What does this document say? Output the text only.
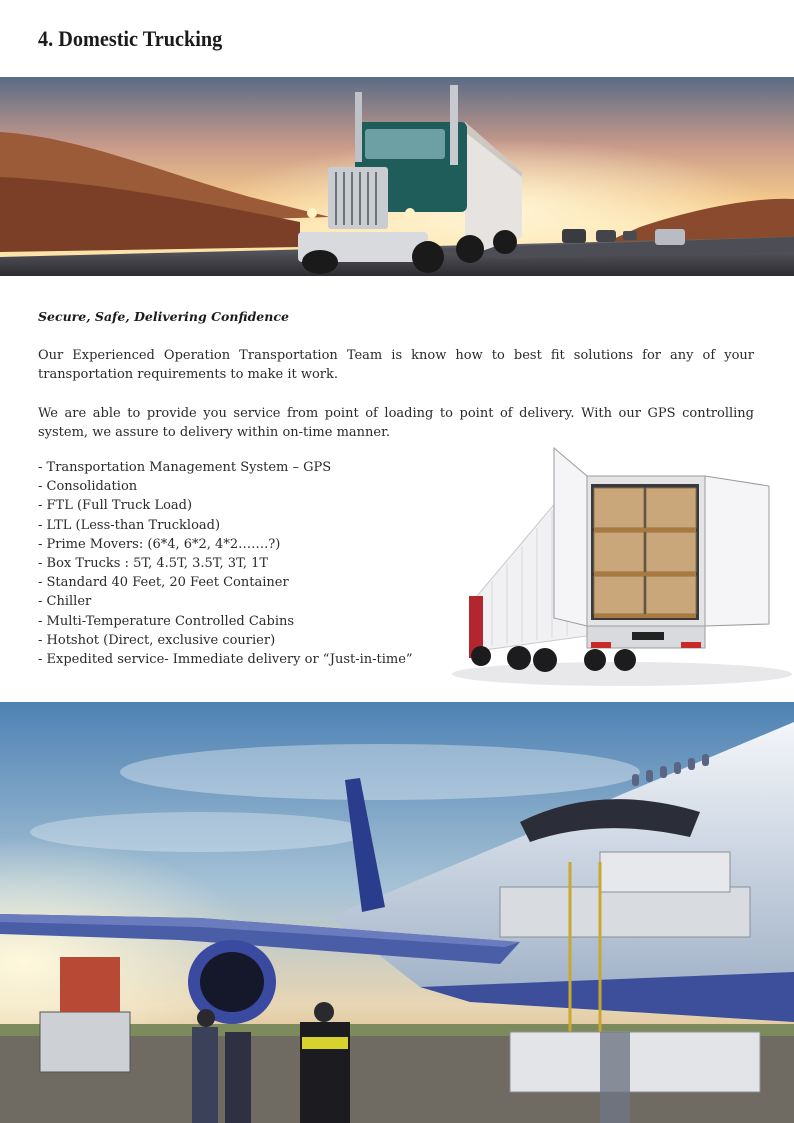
4. Domestic Trucking
Secure, Safe, Delivering Confidence
Our Experienced Operation Transportation Team is know how to best fit solutions for any of your transportation requirements to make it work.
We are able to provide you service from point of loading to point of delivery. With our GPS controlling system, we assure to delivery within on-time manner.
- Transportation Management System – GPS
- Consolidation
- FTL (Full Truck Load)
- LTL (Less-than Truckload)
- Prime Movers: (6*4, 6*2, 4*2…….?)
- Box Trucks : 5T, 4.5T, 3.5T, 3T, 1T
- Standard 40 Feet, 20 Feet Container
- Chiller
- Multi-Temperature Controlled Cabins
- Hotshot (Direct, exclusive courier)
- Expedited service- Immediate delivery or “Just-in-time”
